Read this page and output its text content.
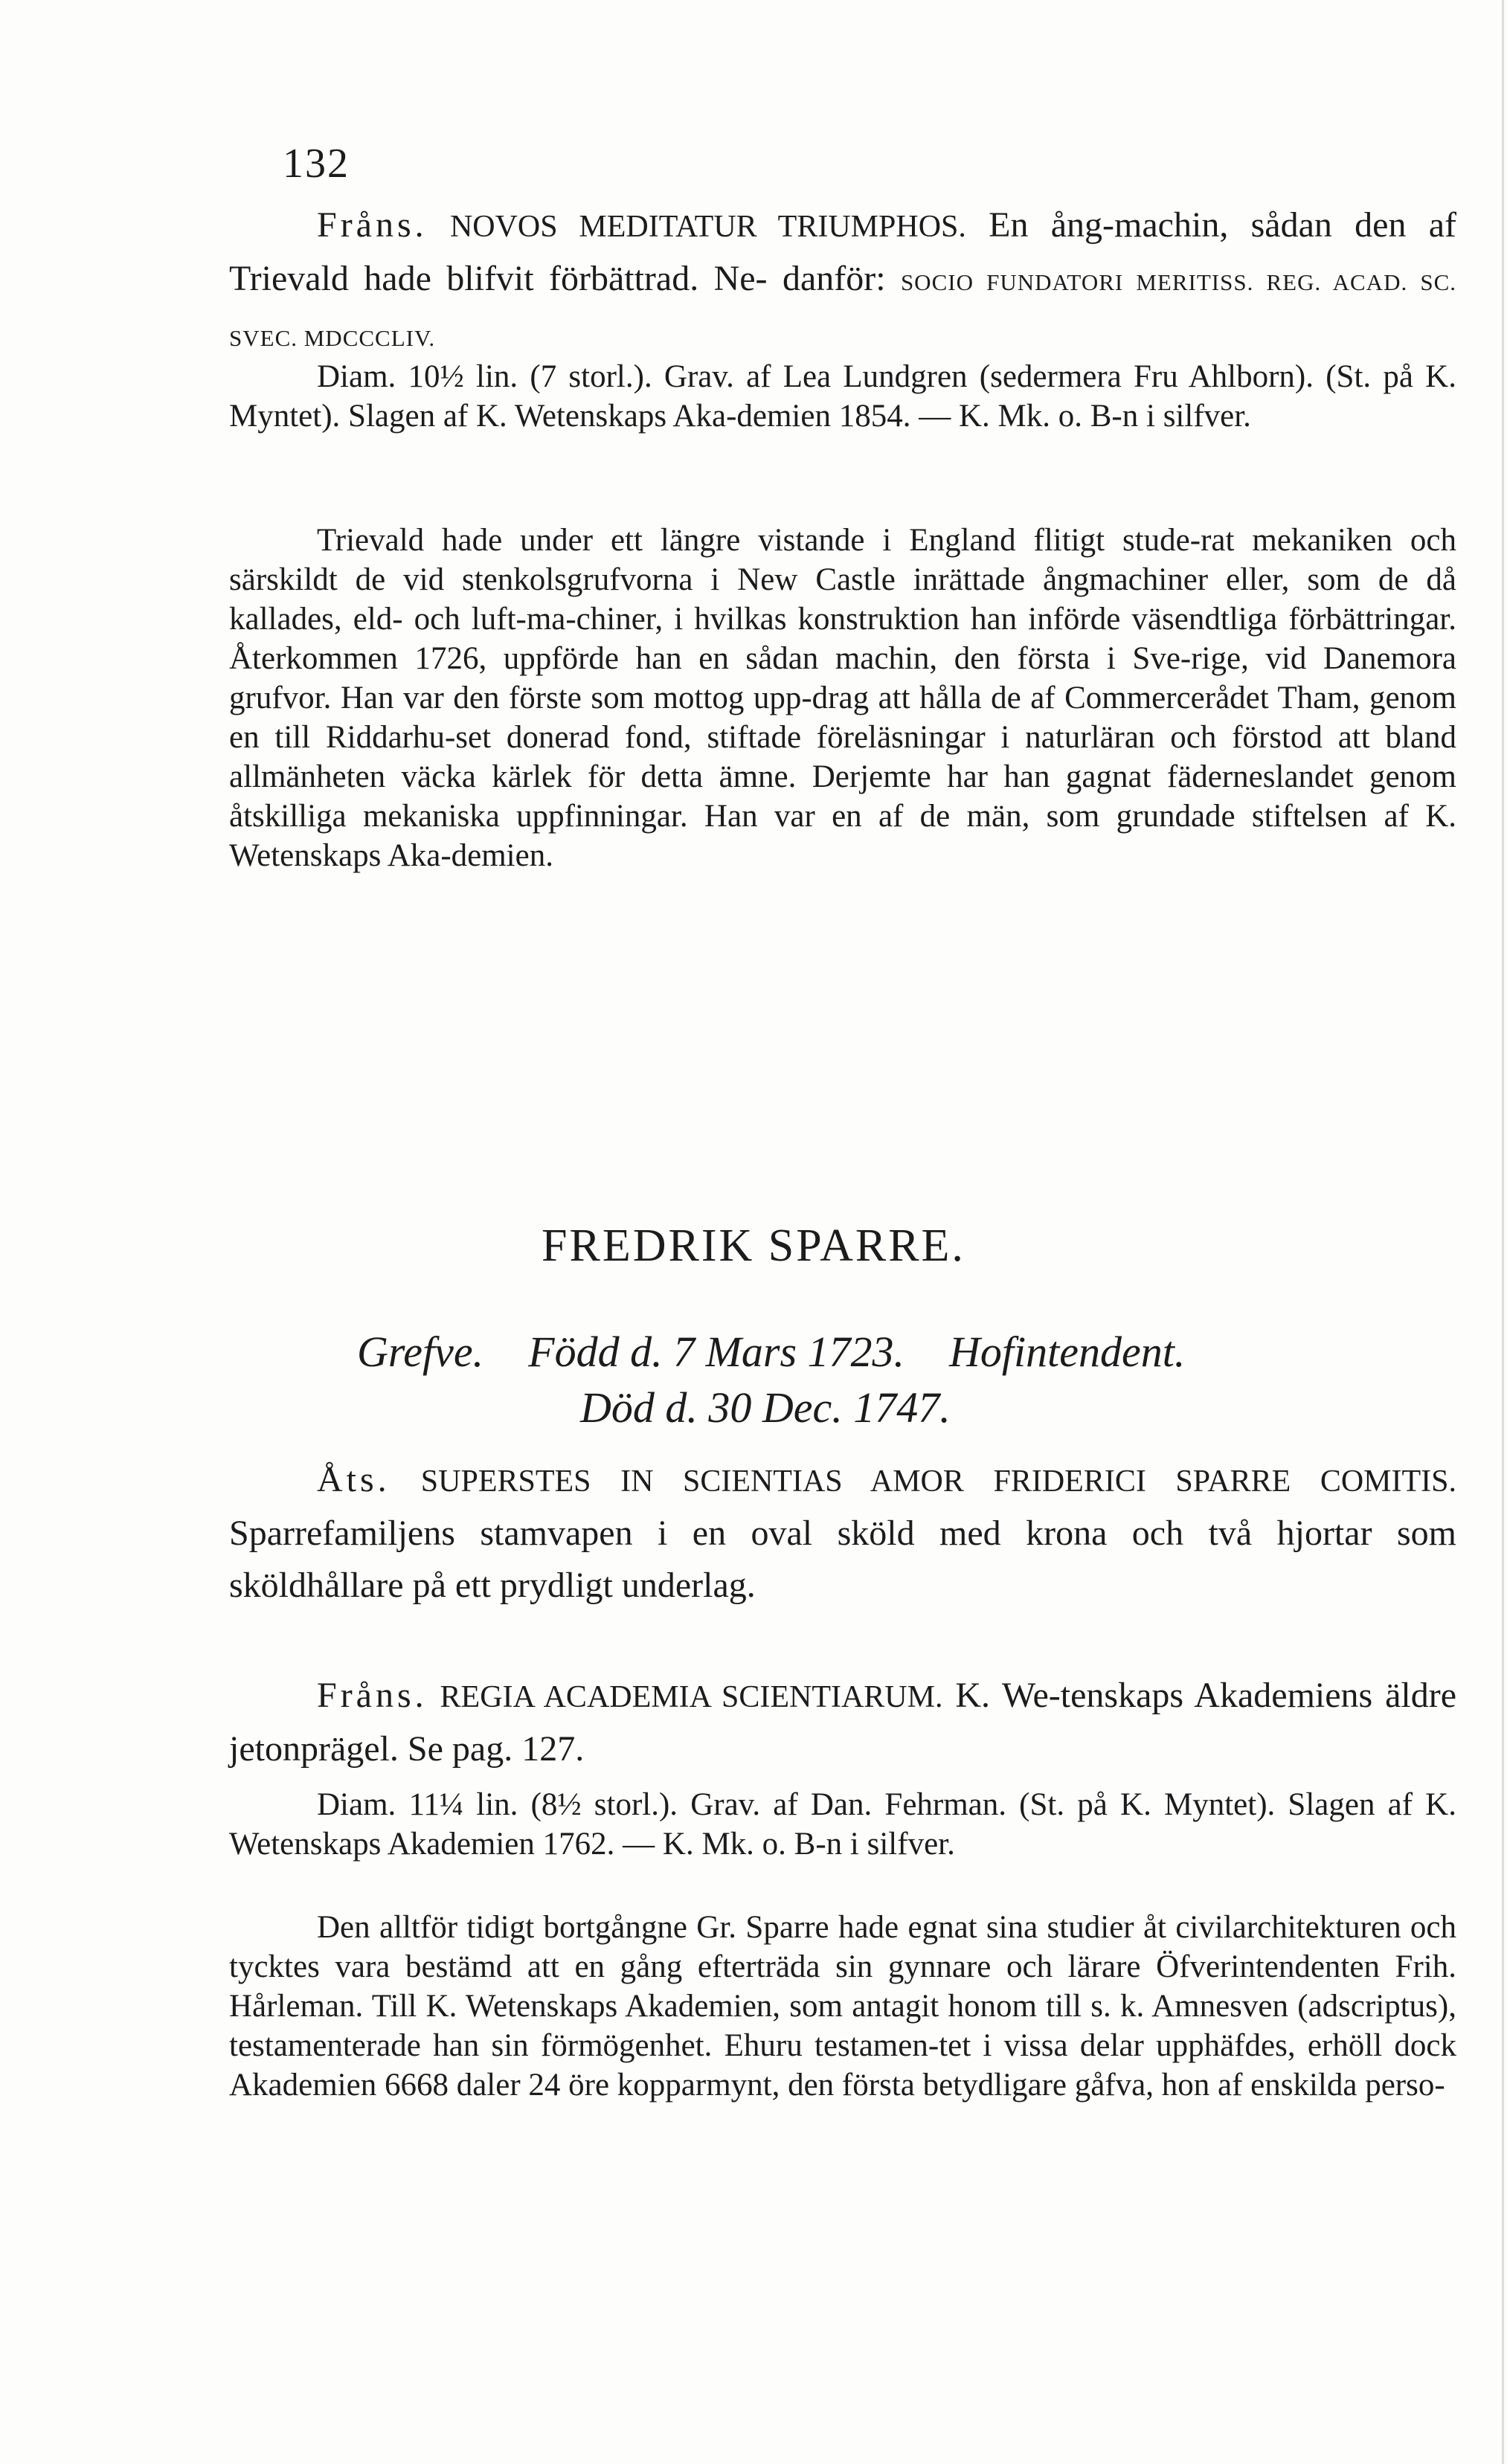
132

Fråns. NOVOS MEDITATUR TRIUMPHOS. En ång-machin, sådan den af Trievald hade blifvit förbättrad. Ne- danför: SOCIO FUNDATORI MERITISS. REG. ACAD. SC. SVEC. MDCCCLIV.

Diam. 10½ lin. (7 storl.). Grav. af Lea Lundgren (sedermera Fru Ahlborn). (St. på K. Myntet). Slagen af K. Wetenskaps Aka-demien 1854. — K. Mk. o. B-n i silfver.

Trievald hade under ett längre vistande i England flitigt stude-rat mekaniken och särskildt de vid stenkolsgrufvorna i New Castle inrättade ångmachiner eller, som de då kallades, eld- och luft-ma-chiner, i hvilkas konstruktion han införde väsendtliga förbättringar. Återkommen 1726, uppförde han en sådan machin, den första i Sve-rige, vid Danemora grufvor. Han var den förste som mottog upp-drag att hålla de af Commercerådet Tham, genom en till Riddarhu-set donerad fond, stiftade föreläsningar i naturläran och förstod att bland allmänheten väcka kärlek för detta ämne. Derjemte har han gagnat fäderneslandet genom åtskilliga mekaniska uppfinningar. Han var en af de män, som grundade stiftelsen af K. Wetenskaps Aka-demien.

FREDRIK SPARRE.
Grefve. Född d. 7 Mars 1723. Hofintendent.
Död d. 30 Dec. 1747.

Åts. SUPERSTES IN SCIENTIAS AMOR FRIDERICI SPARRE COMITIS. Sparrefamiljens stamvapen i en oval sköld med krona och två hjortar som sköldhållare på ett prydligt underlag.

Fråns. REGIA ACADEMIA SCIENTIARUM. K. We-tenskaps Akademiens äldre jetonprägel. Se pag. 127.

Diam. 11¼ lin. (8½ storl.). Grav. af Dan. Fehrman. (St. på K. Myntet). Slagen af K. Wetenskaps Akademien 1762. — K. Mk. o. B-n i silfver.

Den alltför tidigt bortgångne Gr. Sparre hade egnat sina studier åt civilarchitekturen och tycktes vara bestämd att en gång efterträda sin gynnare och lärare Öfverintendenten Frih. Hårleman. Till K. Wetenskaps Akademien, som antagit honom till s. k. Amnesven (adscriptus), testamenterade han sin förmögenhet. Ehuru testamen-tet i vissa delar upphäfdes, erhöll dock Akademien 6668 daler 24 öre kopparmynt, den första betydligare gåfva, hon af enskilda perso-
